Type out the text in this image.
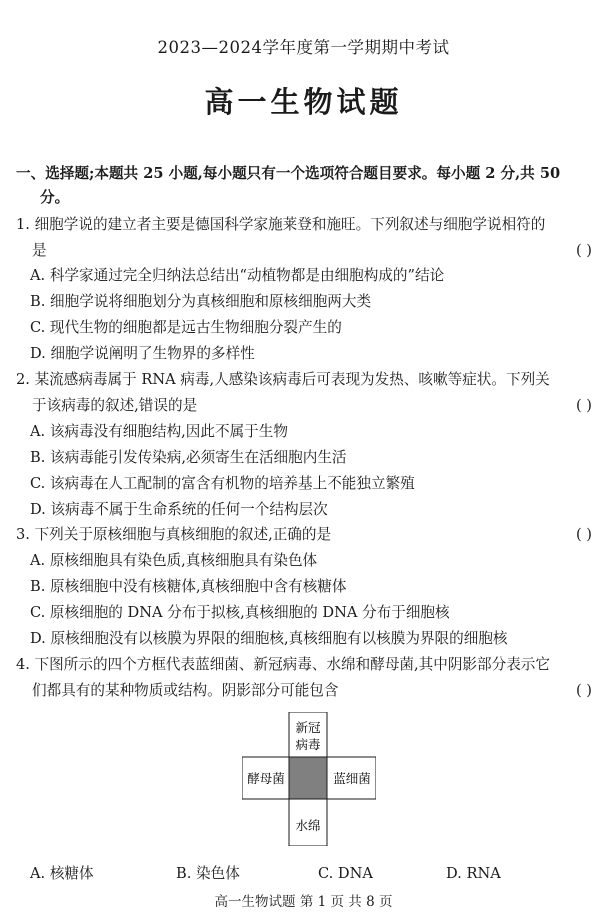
2023—2024学年度第一学期期中考试
高一生物试题
一、选择题;本题共 25 小题,每小题只有一个选项符合题目要求。每小题 2 分,共 50
分。
1. 细胞学说的建立者主要是德国科学家施莱登和施旺。下列叙述与细胞学说相符的
是	( )
A. 科学家通过完全归纳法总结出“动植物都是由细胞构成的”结论
B. 细胞学说将细胞划分为真核细胞和原核细胞两大类
C. 现代生物的细胞都是远古生物细胞分裂产生的
D. 细胞学说阐明了生物界的多样性
2. 某流感病毒属于 RNA 病毒,人感染该病毒后可表现为发热、咳嗽等症状。下列关
于该病毒的叙述,错误的是	( )
A. 该病毒没有细胞结构,因此不属于生物
B. 该病毒能引发传染病,必须寄生在活细胞内生活
C. 该病毒在人工配制的富含有机物的培养基上不能独立繁殖
D. 该病毒不属于生命系统的任何一个结构层次
3. 下列关于原核细胞与真核细胞的叙述,正确的是	( )
A. 原核细胞具有染色质,真核细胞具有染色体
B. 原核细胞中没有核糖体,真核细胞中含有核糖体
C. 原核细胞的 DNA 分布于拟核,真核细胞的 DNA 分布于细胞核
D. 原核细胞没有以核膜为界限的细胞核,真核细胞有以核膜为界限的细胞核
4. 下图所示的四个方框代表蓝细菌、新冠病毒、水绵和酵母菌,其中阴影部分表示它
们都具有的某种物质或结构。阴影部分可能包含	( )
新冠
病毒
酵母菌	蓝细菌
水绵
A. 核糖体	B. 染色体	C. DNA	D. RNA
高一生物试题 第 1 页 共 8 页
